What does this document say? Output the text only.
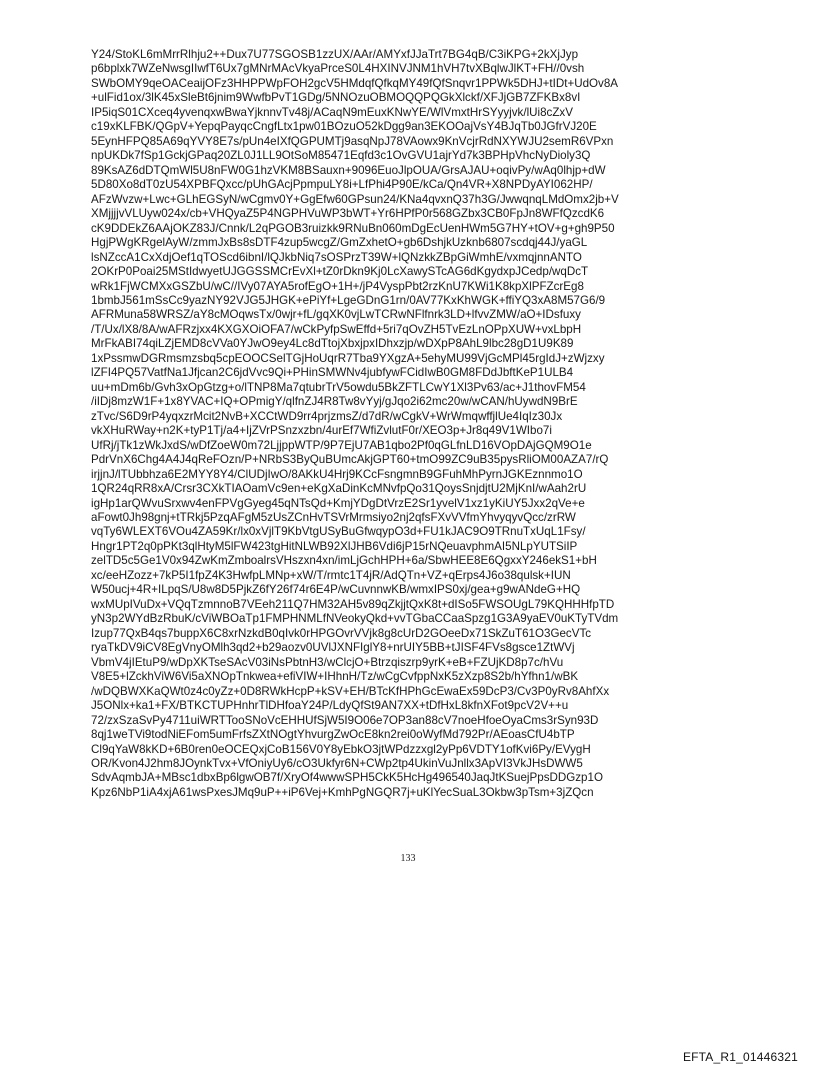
Y24/StoKL6mMrrRlhju2++Dux7U77SGOSB1zzUX/AAr/AMYxfJJaTrt7BG4qB/C3iKPG+2kXjJyp
p6bplxk7WZeNwsgIIwfT6Ux7gMNrMAcVkyaPrceS0L4HXINVJNM1hVH7tvXBqlwJlKT+FH//0vsh
SWbOMY9qeOACeaijOFz3HHPPWpFOH2gcV5HMdqfQfkqMY49fQfSnqvr1PPWk5DHJ+tIDt+UdOv8A
+ulFid1ox/3lK45xSleBt6jnim9WwfbPvT1GDg/5NNOzuOBMOQQPQGkXlckf/XFJjGB7ZFKBx8vI
IP5iqS01CXceq4yvenqxwBwaYjknnvTv48j/ACaqN9mEuxKNwYE/WlVmxtHrSYyyjvk/lUi8cZxV
c19xKLFBK/QGpV+YepqPayqcCngfLtx1pw01BOzuO52kDgg9an3EKOOajVsY4BJqTb0JGfrVJ20E
5EynHFPQ85A69qYVY8E7s/pUn4eIXfQGPUMTj9asqNpJ78VAowx9KnVcjrRdNXYWJU2semR6VPxn
npUKDk7fSp1GckjGPaq20ZL0J1LL9OtSoM85471Eqfd3c1OvGVU1ajrYd7k3BPHpVhcNyDioly3Q
89KsAZ6dDTQmWl5U8nFW0G1hzVKM8BSauxn+9096EuoJlpOUA/GrsAJAU+oqivPy/wAq0lhjp+dW
5D80Xo8dT0zU54XPBFQxcc/pUhGAcjPpmpuLY8i+LfPhi4P90E/kCa/Qn4VR+X8NPDyAYI062HP/
AFzWvzw+Lwc+GLhEGSyN/wCgmv0Y+GgEfw60GPsun24/KNa4qvxnQ37h3G/JwwqnqLMdOmx2jb+V
XMjjjjvVLUyw024x/cb+VHQyaZ5P4NGPHVuWP3bWT+Yr6HPfP0r568GZbx3CB0FpJn8WFfQzcdK6
cK9DDEkZ6AAjOKZ83J/Cnnk/L2qPGOB3ruizkk9RNuBn060mDgEcUenHWm5G7HY+tOV+g+gh9P50
HgjPWgKRgelAyW/zmmJxBs8sDTF4zup5wcgZ/GmZxhetO+gb6DshjkUzknb6807scdqj44J/yaGL
lsNZccA1CxXdjOef1qTOScd6ibnI/lQJkbNiq7sOSPrzT39W+lQNzkkZBpGiWmhE/vxmqjnnANTO
2OKrP0Poai25MStIdwyetUJGGSSMCrEvXl+tZ0rDkn9Kj0LcXawySTcAG6dKgydxpJCedp/wqDcT
wRk1FjWCMXxGSZbU/wC//IVy07AYA5rofEgO+1H+/jP4VyspPbt2rzKnU7KWi1K8kpXlPFZcrEg8
1bmbJ561mSsCc9yazNY92VJG5JHGK+ePiYf+LgeGDnG1rn/0AV77KxKhWGK+ffiYQ3xA8M57G6/9
AFRMuna58WRSZ/aY8cMOqwsTx/0wjr+fL/gqXK0vjLwTCRwNFlfnrk3LD+lfvvZMW/aO+IDsfuxy
/T/Ux/lX8/8A/wAFRzjxx4KXGXOiOFA7/wCkPyfpSwEffd+5ri7qOvZH5TvEzLnOPpXUW+vxLbpH
MrFkABI74qiLZjEMD8cVVa0YJwO9ey4Lc8dTtojXbxjpxIDhxzjp/wDXpP8AhL9lbc28gD1U9K89
1xPssmwDGRmsmzsbq5cpEOOCSelTGjHoUqrR7Tba9YXgzA+5ehyMU99VjGcMPl45rgIdJ+zWjzxy
lZFI4PQ57VatfNa1Jfjcan2C6jdVvc9Qi+PHinSMWNv4jubfywFCidIwB0GM8FDdJbftKeP1ULB4
uu+mDm6b/Gvh3xOpGtzg+o/lTNP8Ma7qtubrTrV5owdu5BkZFTLCwY1Xl3Pv63/ac+J1thovFM54
/iIDj8mzW1F+1x8YVAC+IQ+OPmigY/qlfnZJ4R8Tw8vYyj/gJqo2i62mc20w/wCAN/hUywdN9BrE
zTvc/S6D9rP4yqxzrMcit2NvB+XCCtWD9rr4prjzmsZ/d7dR/wCgkV+WrWmqwffjlUe4IqIz30Jx
vkXHuRWay+n2K+tyP1Tj/a4+IjZVrPSnzxzbn/4urEf7WfiZvlutF0r/XEO3p+Jr8q49V1WIbo7i
UfRj/jTk1zWkJxdS/wDfZoeW0m72LjjppWTP/9P7EjU7AB1qbo2Pf0qGLfnLD16VOpDAjGQM9O1e
PdrVnX6Chg4A4J4qReFOzn/P+NRbS3ByQuBUmcAkjGPT60+tmO99ZC9uB35pysRliOM00AZA7/rQ
irjjnJ/lTUbbhza6E2MYY8Y4/ClUDjIwO/8AKkU4Hrj9KCcFsngmnB9GFuhMhPyrnJGKEznnmo1O
1QR24qRR8xA/Crsr3CXkTIAOamVc9en+eKgXaDinKcMNvfpQo31QoysSnjdjtU2MjKnI/wAah2rU
igHp1arQWvuSrxwv4enFPVgGyeg45qNTsQd+KmjYDgDtVrzE2Sr1yvelV1xz1yKiUY5Jxx2qVe+e
aFowt0Jh98gnj+tTRkj5PzqAFgM5zUsZCnHvTSVrMrmsiyo2nj2qfsFXvVVfmYhvyqyvQcc/zrRW
vqTy6WLEXT6VOu4ZA59Kr/lx0xVjlT9KbVtgUSyBuGfwqypO3d+FU1kJAC9O9TRnuTxUqL1Fsy/
Hngr1PT2q0pPKt3qlHtyM5lFW423tgHitNLWB92XlJHB6Vdi6jP15rNQeuavphmAI5NLpYUTSiIP
zelTD5c5Ge1V0x94ZwKmZmboalrsVHszxn4xn/imLjGchHPH+6a/SbwHEE8E6QgxxY246ekS1+bH
xc/eeHZozz+7kP5I1fpZ4K3HwfpLMNp+xW/T/rmtc1T4jR/AdQTn+VZ+qErps4J6o38qulsk+IUN
W50ucj+4R+ILpqS/U8w8D5PjkZ6fY26f74r6E4P/wCuvnnwKB/wmxIPS0xj/gea+g9wANdeG+HQ
wxMUpIVuDx+VQqTzmnnoB7VEeh211Q7HM32AH5v89qZkjjtQxK8t+dISo5FWSOUgL79KQHHHfpTD
yN3p2WYdBzRbuK/cViWBOaTp1FMPHNMLfNVeokyQkd+vvTGbaCCaaSpzg1G3A9yaEV0uKTyTVdm
Izup77QxB4qs7buppX6C8xrNzkdB0qIvk0rHPGOvrVVjk8g8cUrD2GOeeDx71SkZuT61O3GecVTc
ryaTkDV9iCV8EgVnyOMlh3qd2+b29aozv0UVlJXNFIglY8+nrUIY5BB+tJISF4FVs8gsce1ZtWVj
VbmV4jIEtuP9/wDpXKTseSAcV03iNsPbtnH3/wClcjO+Btrzqiszrp9yrK+eB+FZUjKD8p7c/hVu
V8E5+lZckhViW6Vi5aXNOpTnkwea+efiVIW+IHhnH/Tz/wCgCvfppNxK5zXzp8S2b/hYfhn1/wBK
/wDQBWXKaQWt0z4c0yZz+0D8RWkHcpP+kSV+EH/BTcKfHPhGcEwaEx59DcP3/Cv3P0yRv8AhfXx
J5ONlx+ka1+FX/BTKCTUPHnhrTlDHfoaY24P/LdyQfSt9AN7XX+tDfHxL8kfnXFot9pcV2V++u
72/zxSzaSvPy4711uiWRTTooSNoVcEHHUfSjW5I9O06e7OP3an88cV7noeHfoeOyaCms3rSyn93D
8qj1weTVi9todNiEFom5umFrfsZXtNOgtYhvurgZwOcE8kn2rei0oWyfMd792Pr/AEoasCfU4bTP
Cl9qYaW8kKD+6B0ren0eOCEQxjCoB156V0Y8yEbkO3jtWPdzzxgl2yPp6VDTY1ofKvi6Py/EVygH
OR/Kvon4J2hm8JOynkTvx+VfOniyUy6/cO3Ukfyr6N+CWp2tp4UkinVuJnllx3ApVI3VkJHsDWW5
SdvAqmbJA+MBsc1dbxBp6lgwOB7f/XryOf4wwwSPH5CkK5HcHg496540JaqJtKSuejPpsDDGzp1O
Kpz6NbP1iA4xjA61wsPxesJMq9uP++iP6Vej+KmhPgNGQR7j+uKlYecSuaL3Okbw3pTsm+3jZQcn
133
EFTA_R1_01446321
